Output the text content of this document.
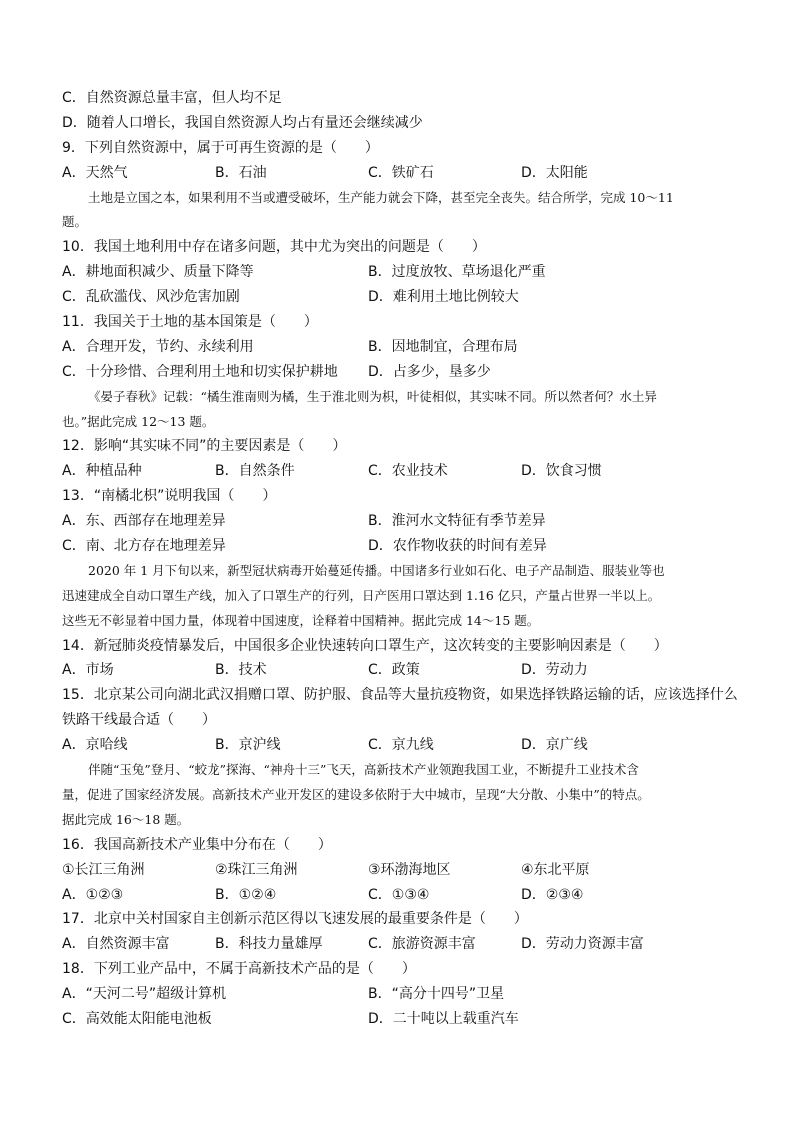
C．自然资源总量丰富，但人均不足
D．随着人口增长，我国自然资源人均占有量还会继续减少
9．下列自然资源中，属于可再生资源的是（　　）
A．天然气	B．石油	C．铁矿石	D．太阳能
土地是立国之本，如果利用不当或遭受破坏，生产能力就会下降，甚至完全丧失。结合所学，完成 10～11
题。
10．我国土地利用中存在诸多问题，其中尤为突出的问题是（　　）
A．耕地面积减少、质量下降等	B．过度放牧、草场退化严重
C．乱砍滥伐、风沙危害加剧	D．难利用土地比例较大
11．我国关于土地的基本国策是（　　）
A．合理开发，节约、永续利用	B．因地制宜，合理布局
C．十分珍惜、合理利用土地和切实保护耕地	D．占多少，垦多少
《晏子春秋》记载：“橘生淮南则为橘，生于淮北则为枳，叶徒相似，其实味不同。所以然者何？水土异
也。”据此完成 12～13 题。
12．影响“其实味不同”的主要因素是（　　）
A．种植品种	B．自然条件	C．农业技术	D．饮食习惯
13．“南橘北枳”说明我国（　　）
A．东、西部存在地理差异	B．淮河水文特征有季节差异
C．南、北方存在地理差异	D．农作物收获的时间有差异
2020 年 1 月下旬以来，新型冠状病毒开始蔓延传播。中国诸多行业如石化、电子产品制造、服装业等也
迅速建成全自动口罩生产线，加入了口罩生产的行列，日产医用口罩达到 1.16 亿只，产量占世界一半以上。
这些无不彰显着中国力量，体现着中国速度，诠释着中国精神。据此完成 14～15 题。
14．新冠肺炎疫情暴发后，中国很多企业快速转向口罩生产，这次转变的主要影响因素是（　　）
A．市场	B．技术	C．政策	D．劳动力
15．北京某公司向湖北武汉捐赠口罩、防护服、食品等大量抗疫物资，如果选择铁路运输的话，应该选择什么
铁路干线最合适（　　）
A．京哈线	B．京沪线	C．京九线	D．京广线
伴随“玉兔”登月、“蛟龙”探海、“神舟十三”飞天，高新技术产业领跑我国工业，不断提升工业技术含
量，促进了国家经济发展。高新技术产业开发区的建设多依附于大中城市，呈现“大分散、小集中”的特点。
据此完成 16～18 题。
16．我国高新技术产业集中分布在（　　）
①长江三角洲	②珠江三角洲	③环渤海地区	④东北平原
A．①②③	B．①②④	C．①③④	D．②③④
17．北京中关村国家自主创新示范区得以飞速发展的最重要条件是（　　）
A．自然资源丰富	B．科技力量雄厚	C．旅游资源丰富	D．劳动力资源丰富
18．下列工业产品中，不属于高新技术产品的是（　　）
A．“天河二号”超级计算机	B．“高分十四号”卫星
C．高效能太阳能电池板	D．二十吨以上载重汽车
